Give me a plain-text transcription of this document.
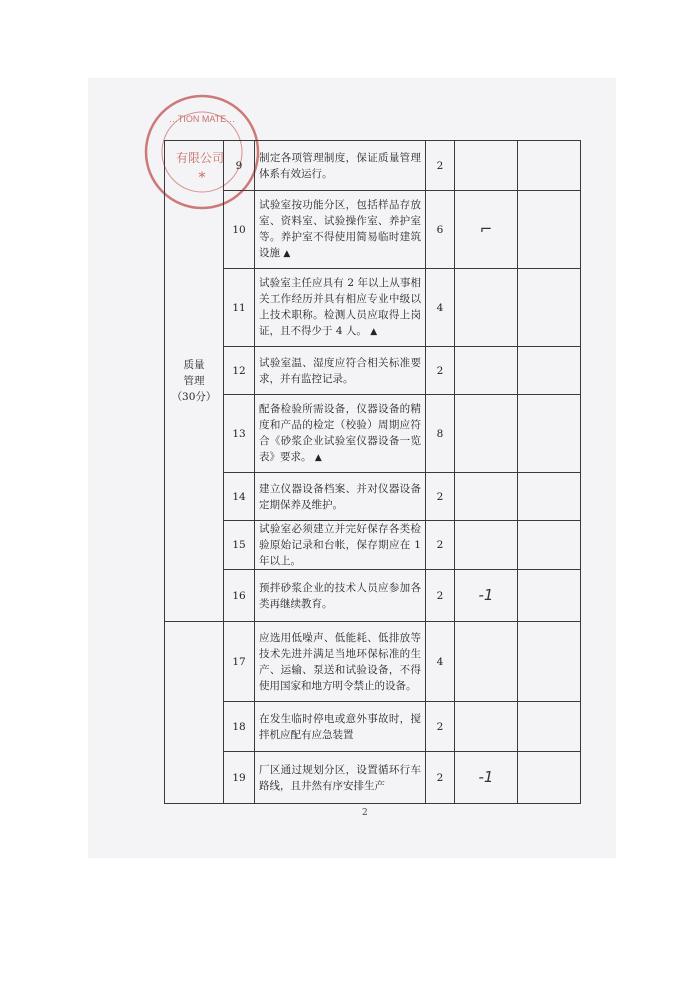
…TION MATE…
有限公司
*
质量
管理
（30分）	9	制定各项管理制度，保证质量管理体系有效运行。	2		
	10	试验室按功能分区，包括样品存放室、资料室、试验操作室、养护室等。养护室不得使用简易临时建筑设施 ▲	6	⌐	
	11	试验室主任应具有 2 年以上从事相关工作经历并具有相应专业中级以上技术职称。检测人员应取得上岗证，且不得少于 4 人。 ▲	4		
	12	试验室温、湿度应符合相关标准要求，并有监控记录。	2		
	13	配备检验所需设备，仪器设备的精度和产品的检定（校验）周期应符合《砂浆企业试验室仪器设备一览表》要求。 ▲	8		
	14	建立仪器设备档案、并对仪器设备定期保养及维护。	2		
	15	试验室必须建立并完好保存各类检验原始记录和台帐，保存期应在 1 年以上。	2		
	16	预拌砂浆企业的技术人员应参加各类再继续教育。	2	-1	
	17	应选用低噪声、低能耗、低排放等技术先进并满足当地环保标准的生产、运输、泵送和试验设备，不得使用国家和地方明令禁止的设备。	4		
	18	在发生临时停电或意外事故时，搅拌机应配有应急装置	2		
	19	厂区通过规划分区，设置循环行车路线，且井然有序安排生产	2	-1	
2
